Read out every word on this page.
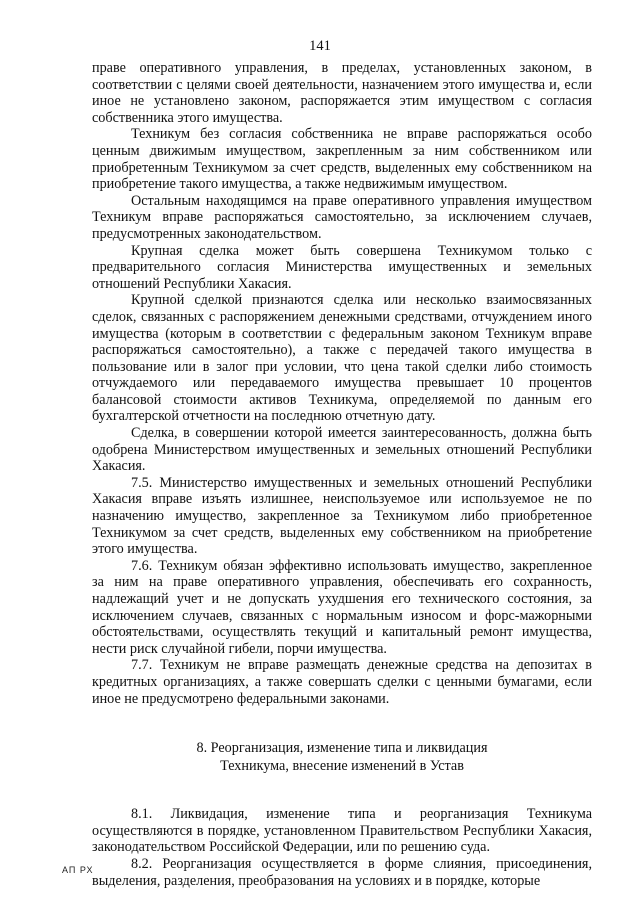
141

праве оперативного управления, в пределах, установленных законом, в соответствии с целями своей деятельности, назначением этого имущества и, если иное не установлено законом, распоряжается этим имуществом с согласия собственника этого имущества.

Техникум без согласия собственника не вправе распоряжаться особо ценным движимым имуществом, закрепленным за ним собственником или приобретенным Техникумом за счет средств, выделенных ему собственником на приобретение такого имущества, а также недвижимым имуществом.

Остальным находящимся на праве оперативного управления имуществом Техникум вправе распоряжаться самостоятельно, за исключением случаев, предусмотренных законодательством.

Крупная сделка может быть совершена Техникумом только с предварительного согласия Министерства имущественных и земельных отношений Республики Хакасия.

Крупной сделкой признаются сделка или несколько взаимосвязанных сделок, связанных с распоряжением денежными средствами, отчуждением иного имущества (которым в соответствии с федеральным законом Техникум вправе распоряжаться самостоятельно), а также с передачей такого имущества в пользование или в залог при условии, что цена такой сделки либо стоимость отчуждаемого или передаваемого имущества превышает 10 процентов балансовой стоимости активов Техникума, определяемой по данным его бухгалтерской отчетности на последнюю отчетную дату.

Сделка, в совершении которой имеется заинтересованность, должна быть одобрена Министерством имущественных и земельных отношений Республики Хакасия.

7.5. Министерство имущественных и земельных отношений Республики Хакасия вправе изъять излишнее, неиспользуемое или используемое не по назначению имущество, закрепленное за Техникумом либо приобретенное Техникумом за счет средств, выделенных ему собственником на приобретение этого имущества.

7.6. Техникум обязан эффективно использовать имущество, закрепленное за ним на праве оперативного управления, обеспечивать его сохранность, надлежащий учет и не допускать ухудшения его технического состояния, за исключением случаев, связанных с нормальным износом и форс-мажорными обстоятельствами, осуществлять текущий и капитальный ремонт имущества, нести риск случайной гибели, порчи имущества.

7.7. Техникум не вправе размещать денежные средства на депозитах в кредитных организациях, а также совершать сделки с ценными бумагами, если иное не предусмотрено федеральными законами.

8. Реорганизация, изменение типа и ликвидация
Техникума, внесение изменений в Устав

8.1. Ликвидация, изменение типа и реорганизация Техникума осуществляются в порядке, установленном Правительством Республики Хакасия, законодательством Российской Федерации, или по решению суда.

8.2. Реорганизация осуществляется в форме слияния, присоединения, выделения, разделения, преобразования на условиях и в порядке, которые

АП РХ
